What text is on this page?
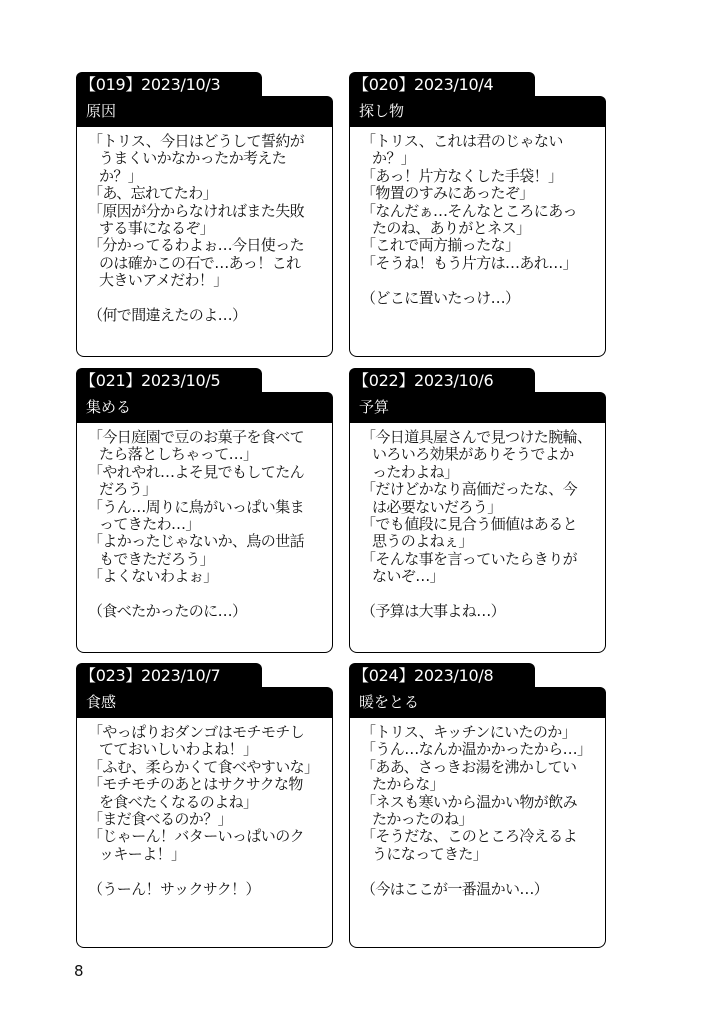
【019】2023/10/3
原因
「トリス、今日はどうして誓約が
うまくいかなかったか考えた
か？」
「あ、忘れてたわ」
「原因が分からなければまた失敗
する事になるぞ」
「分かってるわよぉ…今日使った
のは確かこの石で…あっ！これ
大きいアメだわ！」
（何で間違えたのよ…）
【020】2023/10/4
探し物
「トリス、これは君のじゃない
か？」
「あっ！片方なくした手袋！」
「物置のすみにあったぞ」
「なんだぁ…そんなところにあっ
たのね、ありがとネス」
「これで両方揃ったな」
「そうね！もう片方は…あれ…」
（どこに置いたっけ…）
【021】2023/10/5
集める
「今日庭園で豆のお菓子を食べて
たら落としちゃって…」
「やれやれ…よそ見でもしてたん
だろう」
「うん…周りに鳥がいっぱい集ま
ってきたわ…」
「よかったじゃないか、鳥の世話
もできただろう」
「よくないわよぉ」
（食べたかったのに…）
【022】2023/10/6
予算
「今日道具屋さんで見つけた腕輪、
いろいろ効果がありそうでよか
ったわよね」
「だけどかなり高価だったな、今
は必要ないだろう」
「でも値段に見合う価値はあると
思うのよねぇ」
「そんな事を言っていたらきりが
ないぞ…」
（予算は大事よね…）
【023】2023/10/7
食感
「やっぱりおダンゴはモチモチし
てておいしいわよね！」
「ふむ、柔らかくて食べやすいな」
「モチモチのあとはサクサクな物
を食べたくなるのよね」
「まだ食べるのか？」
「じゃーん！バターいっぱいのク
ッキーよ！」
（うーん！サックサク！）
【024】2023/10/8
暖をとる
「トリス、キッチンにいたのか」
「うん…なんか温かかったから…」
「ああ、さっきお湯を沸かしてい
たからな」
「ネスも寒いから温かい物が飲み
たかったのね」
「そうだな、このところ冷えるよ
うになってきた」
（今はここが一番温かい…）
8
